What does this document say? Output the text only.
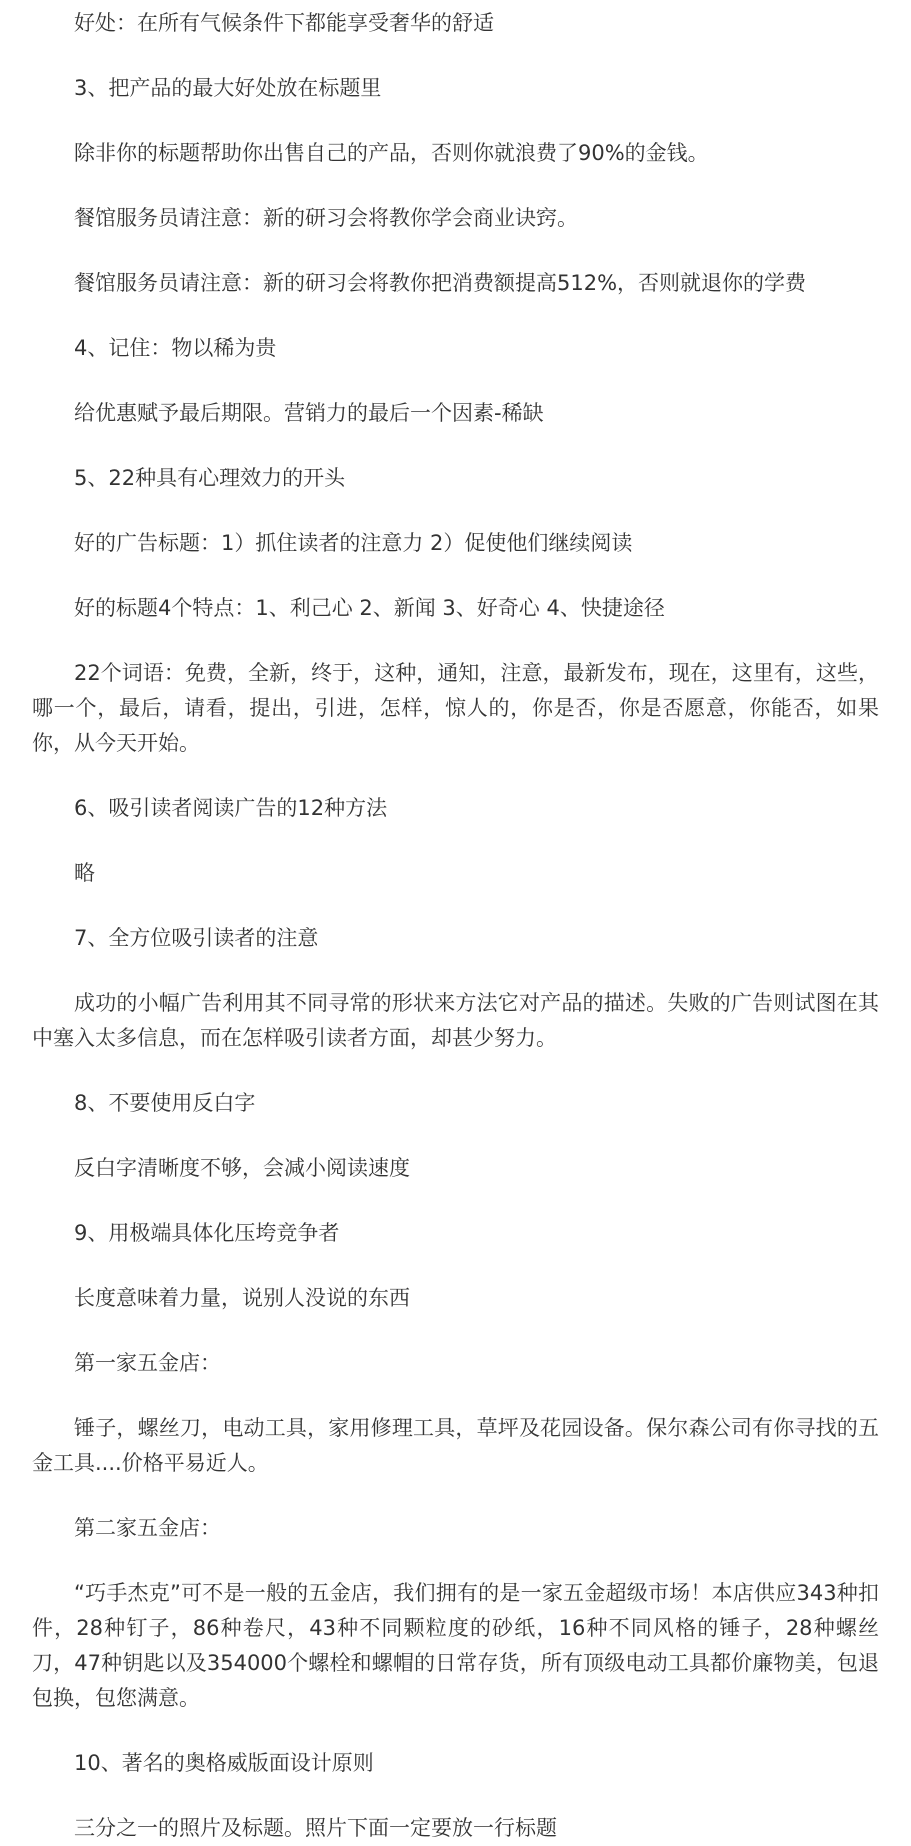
好处：在所有气候条件下都能享受奢华的舒适

3、把产品的最大好处放在标题里

除非你的标题帮助你出售自己的产品，否则你就浪费了90%的金钱。

餐馆服务员请注意：新的研习会将教你学会商业诀窍。

餐馆服务员请注意：新的研习会将教你把消费额提高512%，否则就退你的学费

4、记住：物以稀为贵

给优惠赋予最后期限。营销力的最后一个因素-稀缺

5、22种具有心理效力的开头

好的广告标题：1）抓住读者的注意力 2）促使他们继续阅读

好的标题4个特点：1、利己心 2、新闻 3、好奇心 4、快捷途径

22个词语：免费，全新，终于，这种，通知，注意，最新发布，现在，这里有，这些，哪一个，最后，请看，提出，引进，怎样，惊人的，你是否，你是否愿意，你能否，如果你，从今天开始。

6、吸引读者阅读广告的12种方法

略

7、全方位吸引读者的注意

成功的小幅广告利用其不同寻常的形状来方法它对产品的描述。失败的广告则试图在其中塞入太多信息，而在怎样吸引读者方面，却甚少努力。

8、不要使用反白字

反白字清晰度不够，会减小阅读速度

9、用极端具体化压垮竞争者

长度意味着力量，说别人没说的东西

第一家五金店：

锤子，螺丝刀，电动工具，家用修理工具，草坪及花园设备。保尔森公司有你寻找的五金工具....价格平易近人。

第二家五金店：

“巧手杰克”可不是一般的五金店，我们拥有的是一家五金超级市场！本店供应343种扣件，28种钉子，86种卷尺，43种不同颗粒度的砂纸，16种不同风格的锤子，28种螺丝刀，47种钥匙以及354000个螺栓和螺帽的日常存货，所有顶级电动工具都价廉物美，包退包换，包您满意。

10、著名的奥格威版面设计原则

三分之一的照片及标题。照片下面一定要放一行标题
